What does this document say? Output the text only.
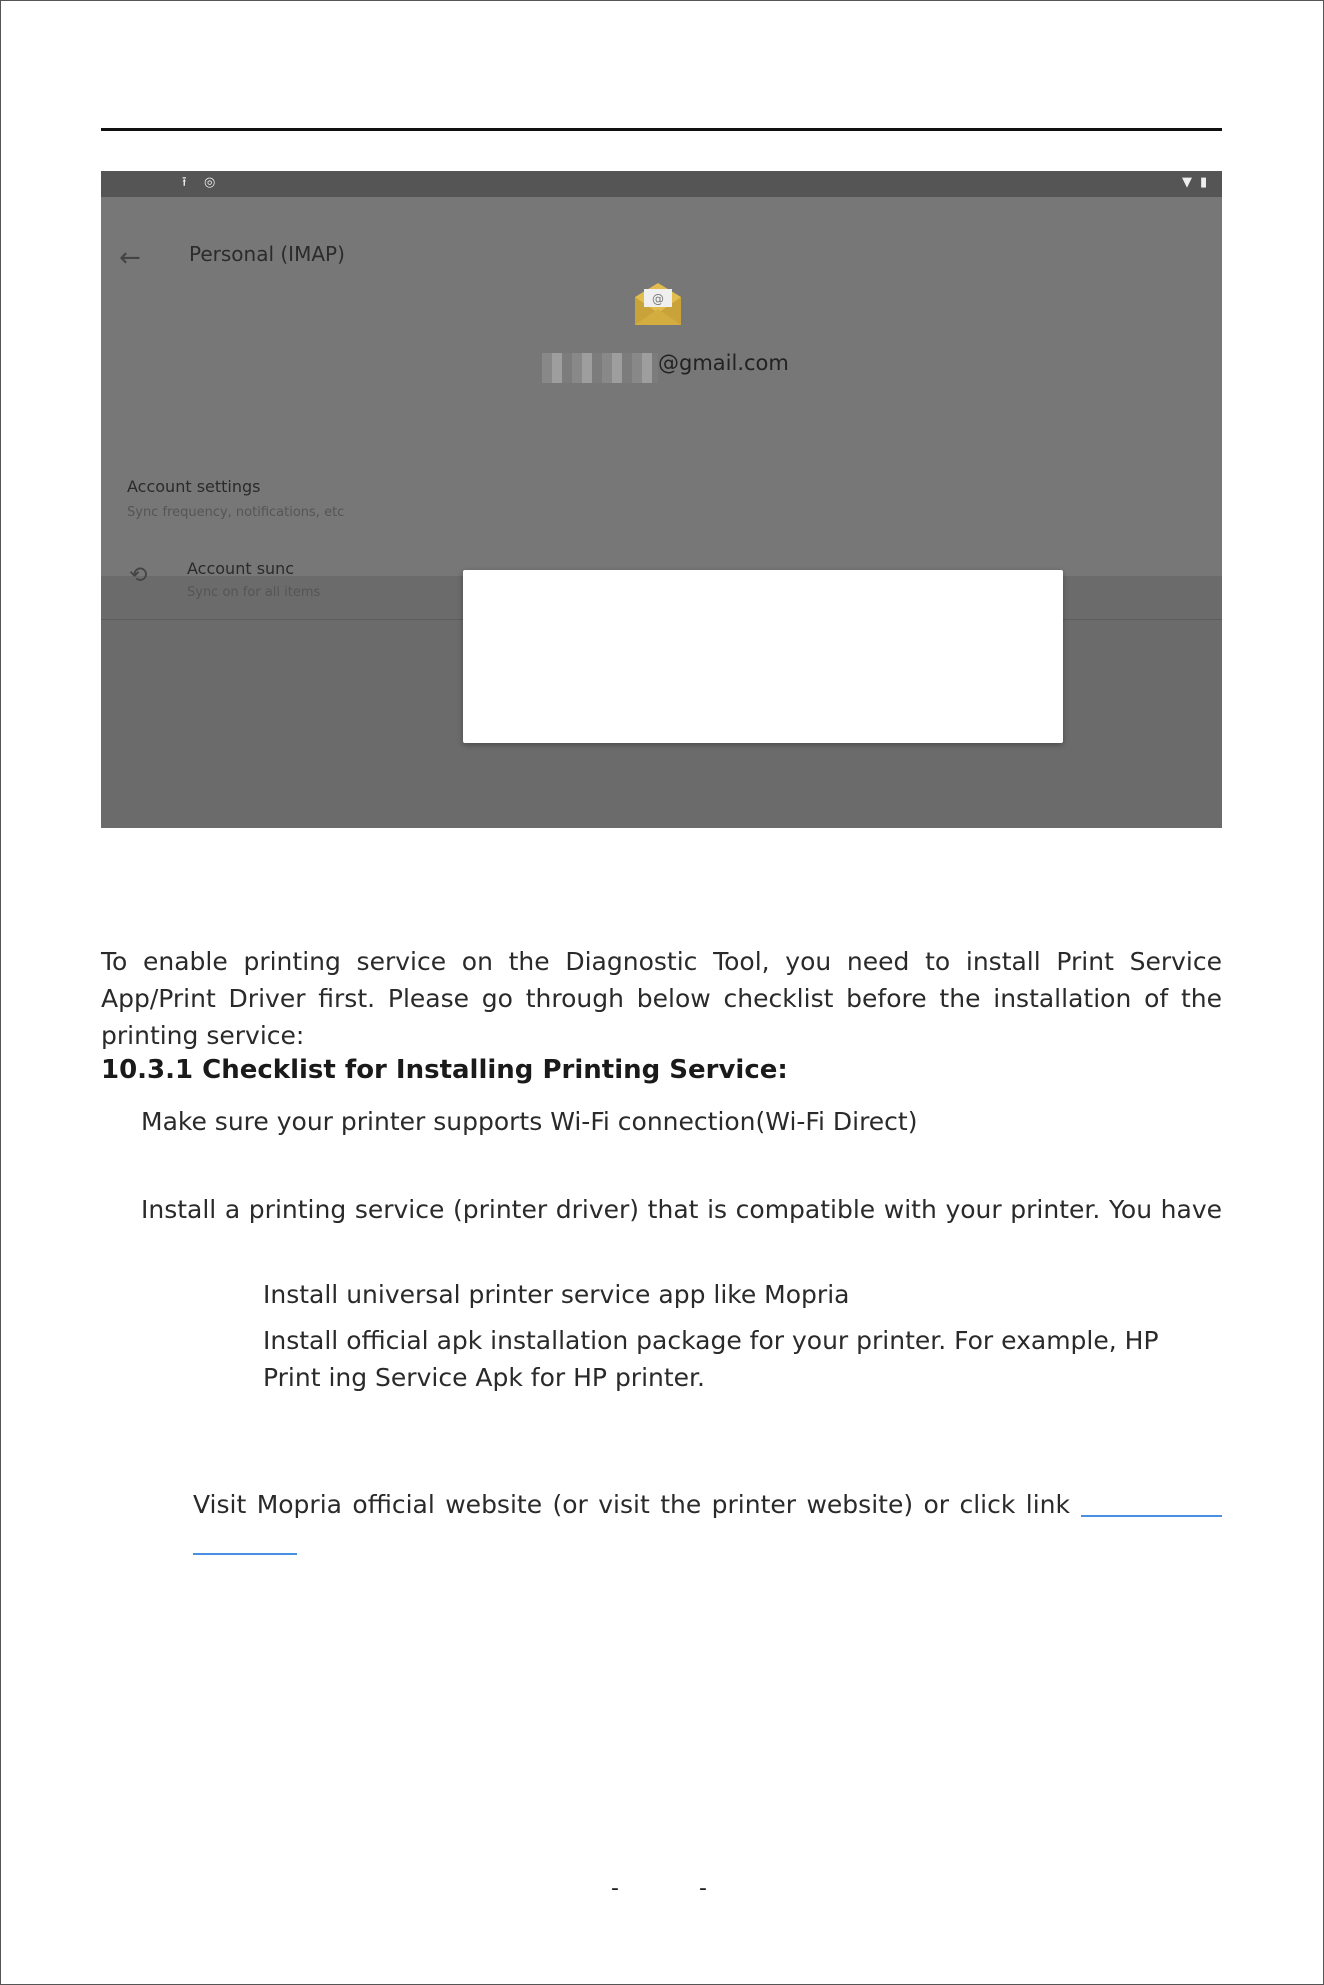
⭱ ◎	▼ ▮
← Personal (IMAP)
@
@gmail.com
Account settings
Sync frequency, notifications, etc
⟲ Account sunc
Sync on for all items
To enable printing service on the Diagnostic Tool, you need to install Print Service App/Print Driver first. Please go through below checklist before the installation of the printing service:
10.3.1 Checklist for Installing Printing Service:
Make sure your printer supports Wi-Fi connection(Wi-Fi Direct)
Install a printing service (printer driver) that is compatible with your printer. You have
Install universal printer service app like Mopria
Install official apk installation package for your printer. For example, HP Print ing Service Apk for HP printer.
Visit Mopria official website (or visit the printer website) or click link
-	-
